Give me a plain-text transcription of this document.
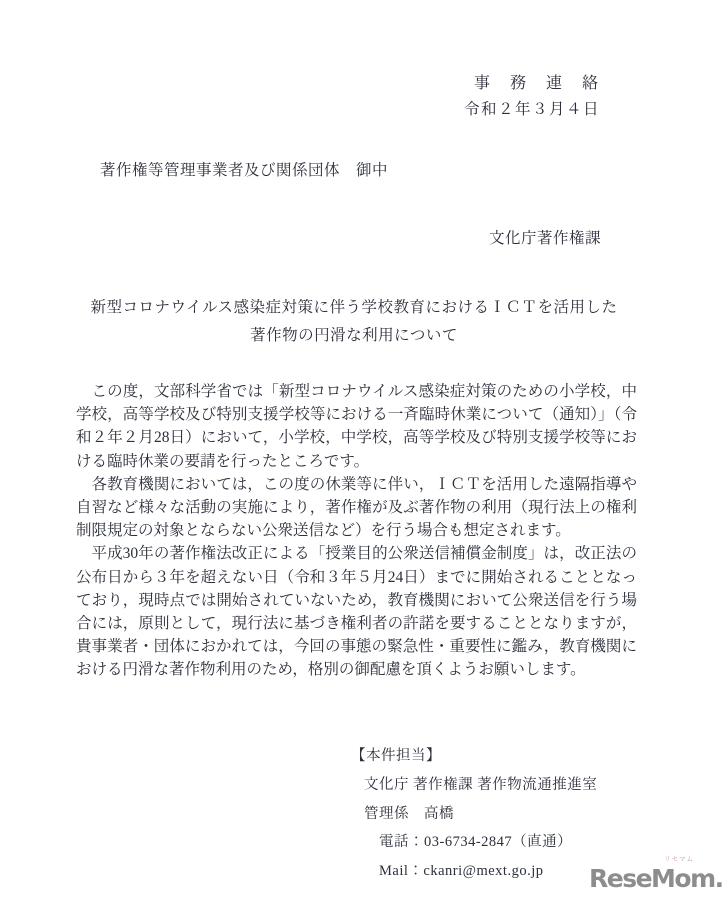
事　務　連　絡
令和２年３月４日
著作権等管理事業者及び関係団体　御中
文化庁著作権課
新型コロナウイルス感染症対策に伴う学校教育におけるＩＣＴを活用した
著作物の円滑な利用について

この度，文部科学省では「新型コロナウイルス感染症対策のための小学校，中学校，高等学校及び特別支援学校等における一斉臨時休業について（通知）」（令和２年２月28日）において，小学校，中学校，高等学校及び特別支援学校等における臨時休業の要請を行ったところです。

各教育機関においては，この度の休業等に伴い，ＩＣＴを活用した遠隔指導や自習など様々な活動の実施により，著作権が及ぶ著作物の利用（現行法上の権利制限規定の対象とならない公衆送信など）を行う場合も想定されます。

平成30年の著作権法改正による「授業目的公衆送信補償金制度」は，改正法の公布日から３年を超えない日（令和３年５月24日）までに開始されることとなっており，現時点では開始されていないため，教育機関において公衆送信を行う場合には，原則として，現行法に基づき権利者の許諾を要することとなりますが，貴事業者・団体におかれては，今回の事態の緊急性・重要性に鑑み，教育機関における円滑な著作物利用のため，格別の御配慮を頂くようお願いします。

【本件担当】
文化庁 著作権課 著作物流通推進室
管理係　高橋
電話：03-6734-2847（直通）
Mail：ckanri@mext.go.jp
リセマム
ReseMom.
